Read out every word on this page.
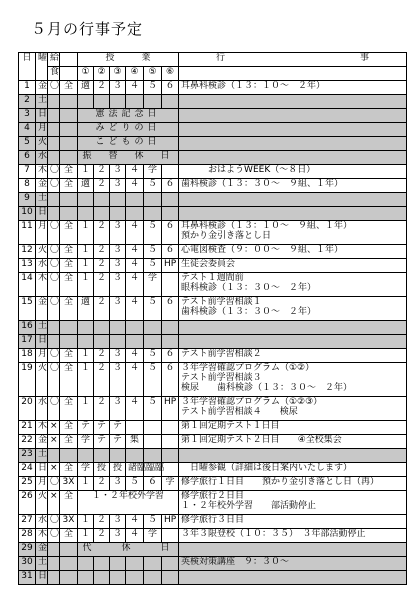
５月の行事予定
日	曜	給		授　　　業						行　　　　　　　　　　　　　　　事
		食		①	②	③	④	⑤	⑥	
1	金	〇	全	適	２	３	４	５	６	耳鼻科検診（１３：１０〜　２年）

2	土									
3	日			憲法記念日						
4	月			みどりの日						
5	火			こどもの日						
6	水			振　替　休　日						
7	木	〇	全	１	２	３	４	学		　　　おはようWEEK（〜８日）

8	金	〇	全	適	２	３	４	５	６	歯科検診（１３：３０〜　９組、１年）

9	土									
10	日									
11	月	〇	全	１	２	３	４	５	６	耳鼻科検診（１３：１０〜　９組、１年）
預かり金引き落とし日

12	火	〇	全	１	２	３	４	５	６	心電図検査（９：００〜　９組、１年）

13	水	〇	全	１	２	３	４	５	HP	生徒会委員会

14	木	〇	全	１	２	３	４	学		テスト１週間前
眼科検診（１３：３０〜　２年）

15	金	〇	全	適	２	３	４	５	６	テスト前学習相談１
歯科検診（１３：３０〜　２年）

16	土									
17	日									
18	月	〇	全	１	２	３	４	５	６	テスト前学習相談２

19	火	〇	全	１	２	３	４	５	６	３年学習確認プログラム（①②）
テスト前学習相談３
検尿　　歯科検診（１３：３０〜　２年）

20	水	〇	全	１	２	３	４	５	HP	３年学習確認プログラム（①②③）
テスト前学習相談４　　検尿

21	木	×	全	テ	テ	テ				第１回定期テスト１日目

22	金	×	全	学	テ	テ	集			第１回定期テスト２日目　　④全校集会

23	土									
24	日	×	全	学	授	授	諸臨	臨臨		　日曜参観（詳細は後日案内いたします）

25	月	〇	3X	１	２	３	５	６	学	修学旅行１日目　　預かり金引き落とし日（再）

26	火	×	全	１・２年校外学習						修学旅行２日目
１・２年校外学習　　部活動停止

27	水	〇	3X	１	２	３	４	５	HP	修学旅行３日目

28	木	〇	全	１	２	３	４	学		３年３限登校（１０：３５）　３年部活動停止

29	金			代　　休　　日						
30	土									英検対策講座　９：３０〜
31	日									
